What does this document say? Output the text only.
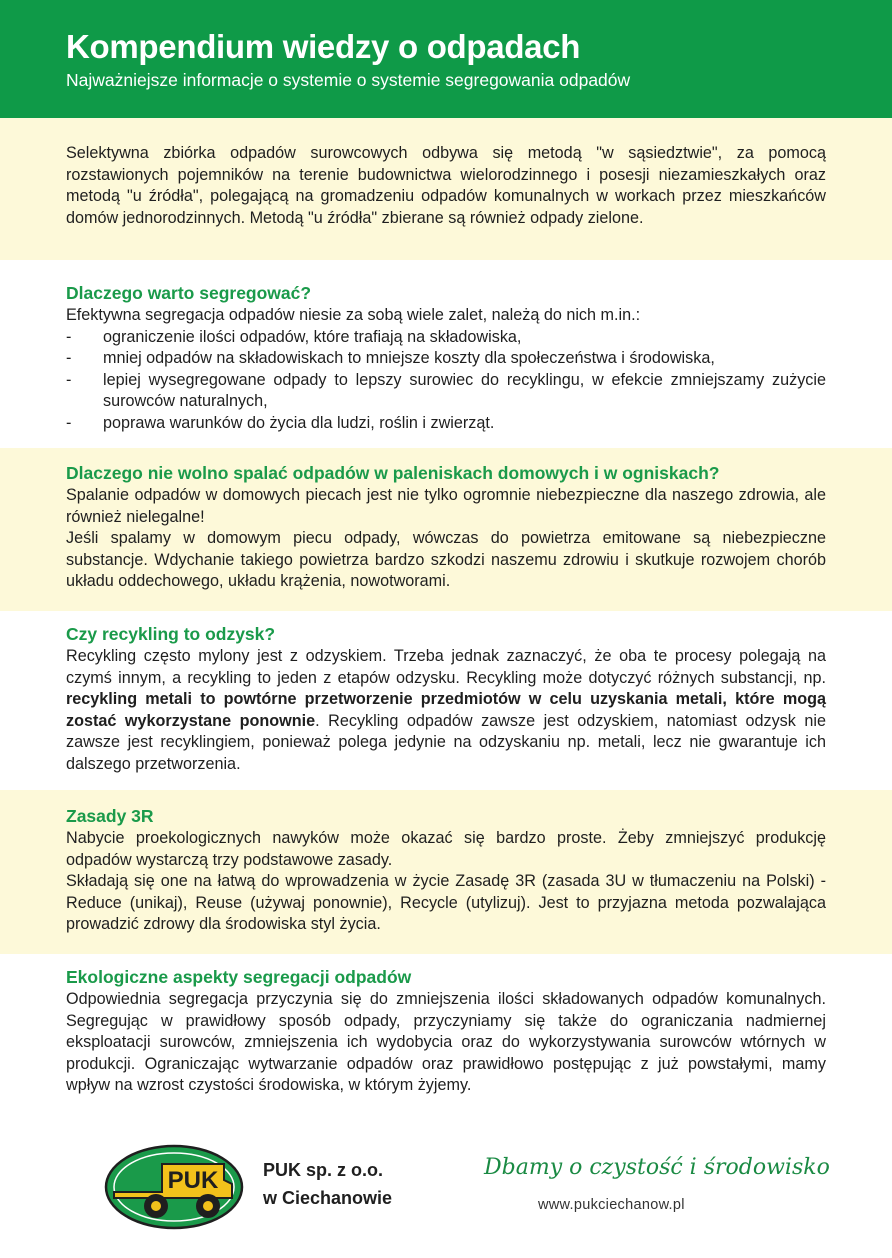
Kompendium wiedzy o odpadach
Najważniejsze informacje o systemie o systemie segregowania odpadów

Selektywna zbiórka odpadów surowcowych odbywa się metodą "w sąsiedztwie", za pomocą rozstawionych pojemników na terenie budownictwa wielorodzinnego i posesji niezamieszkałych oraz metodą "u źródła", polegającą na gromadzeniu odpadów komunalnych w workach przez mieszkańców domów jednorodzinnych. Metodą "u źródła" zbierane są również odpady zielone.

Dlaczego warto segregować?

Efektywna segregacja odpadów niesie za sobą wiele zalet, należą do nich m.in.:

- ograniczenie ilości odpadów, które trafiają na składowiska,
- mniej odpadów na składowiskach to mniejsze koszty dla społeczeństwa i środowiska,
- lepiej wysegregowane odpady to lepszy surowiec do recyklingu, w efekcie zmniejszamy zużycie surowców naturalnych,
- poprawa warunków do życia dla ludzi, roślin i zwierząt.
Dlaczego nie wolno spalać odpadów w paleniskach domowych i w ogniskach?

Spalanie odpadów w domowych piecach jest nie tylko ogromnie niebezpieczne dla naszego zdrowia, ale również nielegalne!

Jeśli spalamy w domowym piecu odpady, wówczas do powietrza emitowane są niebezpieczne substancje. Wdychanie takiego powietrza bardzo szkodzi naszemu zdrowiu i skutkuje rozwojem chorób układu oddechowego, układu krążenia, nowotworami.

Czy recykling to odzysk?

Recykling często mylony jest z odzyskiem. Trzeba jednak zaznaczyć, że oba te procesy polegają na czymś innym, a recykling to jeden z etapów odzysku. Recykling może dotyczyć różnych substancji, np. recykling metali to powtórne przetworzenie przedmiotów w celu uzyskania metali, które mogą zostać wykorzystane ponownie. Recykling odpadów zawsze jest odzyskiem, natomiast odzysk nie zawsze jest recyklingiem, ponieważ polega jedynie na odzyskaniu np. metali, lecz nie gwarantuje ich dalszego przetworzenia.

Zasady 3R

Nabycie proekologicznych nawyków może okazać się bardzo proste. Żeby zmniejszyć produkcję odpadów wystarczą trzy podstawowe zasady.

Składają się one na łatwą do wprowadzenia w życie Zasadę 3R (zasada 3U w tłumaczeniu na Polski) - Reduce (unikaj), Reuse (używaj ponownie), Recycle (utylizuj). Jest to przyjazna metoda pozwalająca prowadzić zdrowy dla środowiska styl życia.

Ekologiczne aspekty segregacji odpadów

Odpowiednia segregacja przyczynia się do zmniejszenia ilości składowanych odpadów komunalnych. Segregując w prawidłowy sposób odpady, przyczyniamy się także do ograniczania nadmiernej eksploatacji surowców, zmniejszenia ich wydobycia oraz do wykorzystywania surowców wtórnych w produkcji. Ograniczając wytwarzanie odpadów oraz prawidłowo postępując z już powstałymi, mamy wpływ na wzrost czystości środowiska, w którym żyjemy.

PUK PUK sp. z o.o.
w Ciechanowie
Dbamy o czystość i środowisko
www.pukciechanow.pl
